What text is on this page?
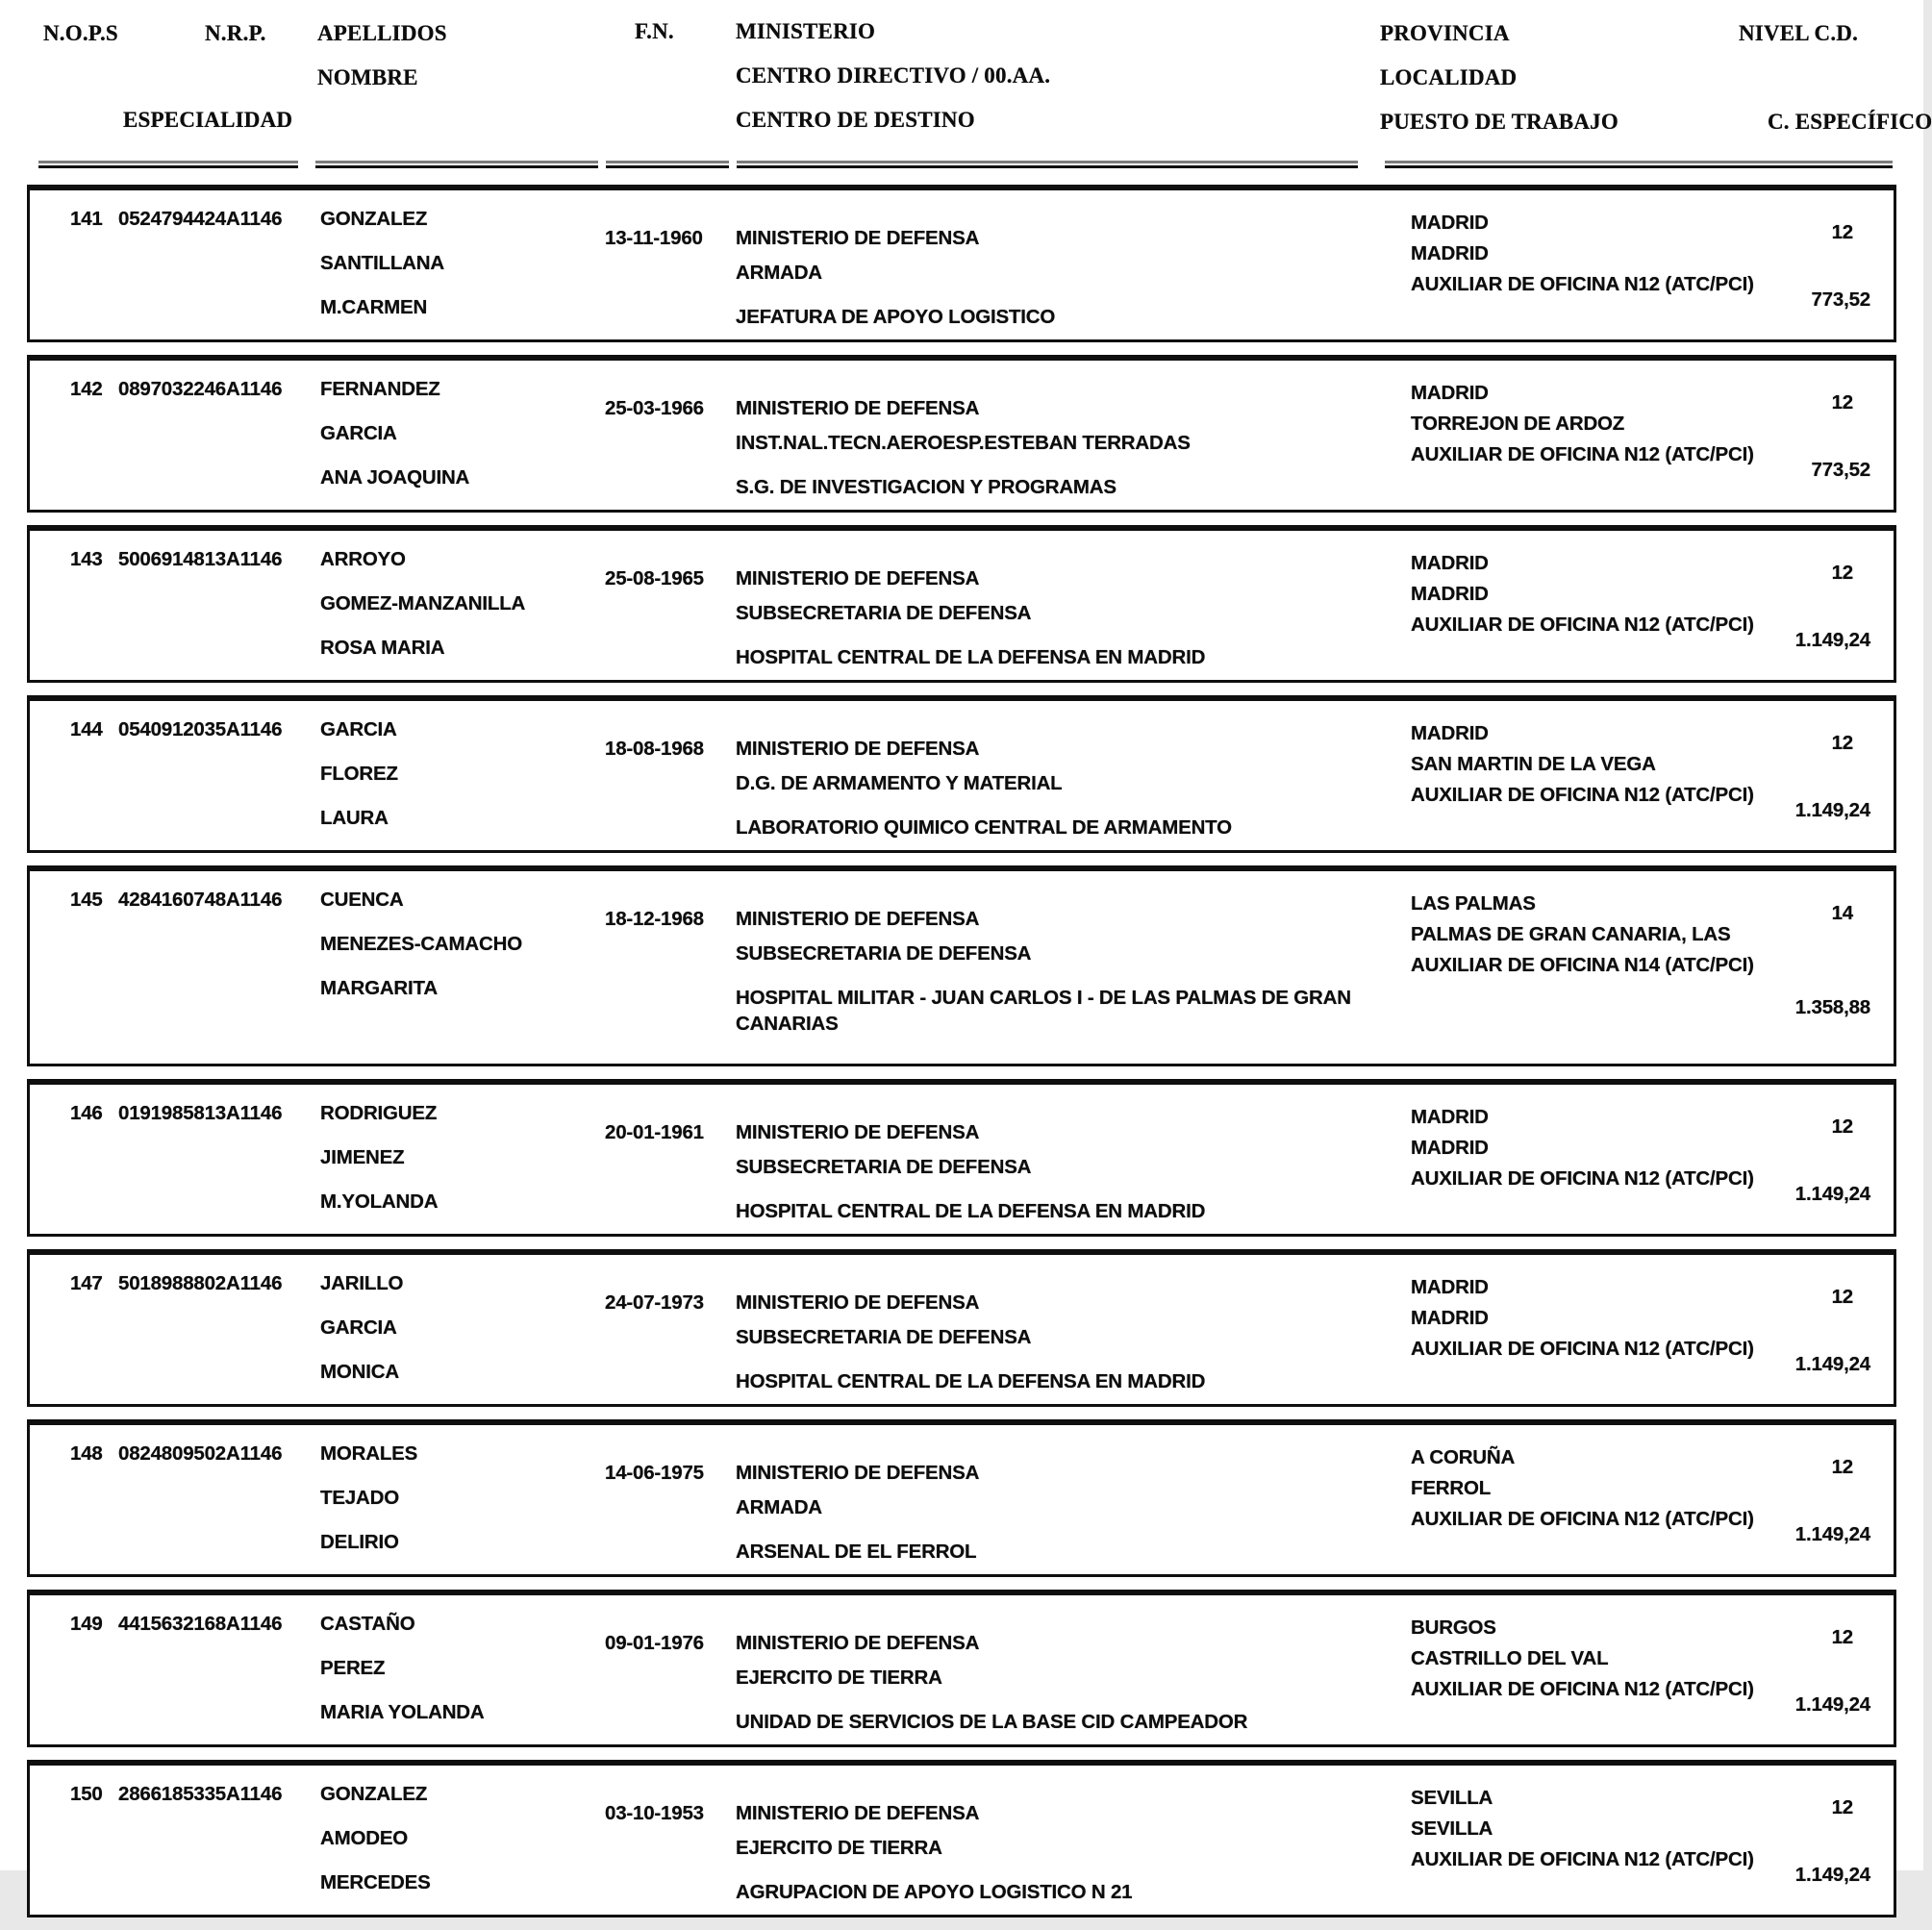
N.O.P.S	N.R.P. APELLIDOS
NOMBRE
ESPECIALIDAD
F.N.	MINISTERIO
CENTRO DIRECTIVO / 00.AA.
CENTRO DE DESTINO
PROVINCIA
LOCALIDAD
PUESTO DE TRABAJO
NIVEL C.D.
C. ESPECÍFICO
141 0524794424A1146 GONZALEZ
SANTILLANA
M.CARMEN
13-11-1960 MINISTERIO DE DEFENSA
ARMADA
JEFATURA DE APOYO LOGISTICO
MADRID
MADRID
AUXILIAR DE OFICINA N12 (ATC/PCI)
12
773,52
142 0897032246A1146 FERNANDEZ
GARCIA
ANA JOAQUINA
25-03-1966 MINISTERIO DE DEFENSA
INST.NAL.TECN.AEROESP.ESTEBAN TERRADAS
S.G. DE INVESTIGACION Y PROGRAMAS
MADRID
TORREJON DE ARDOZ
AUXILIAR DE OFICINA N12 (ATC/PCI)
12
773,52
143 5006914813A1146 ARROYO
GOMEZ-MANZANILLA
ROSA MARIA
25-08-1965 MINISTERIO DE DEFENSA
SUBSECRETARIA DE DEFENSA
HOSPITAL CENTRAL DE LA DEFENSA EN MADRID
MADRID
MADRID
AUXILIAR DE OFICINA N12 (ATC/PCI)
12
1.149,24
144 0540912035A1146 GARCIA
FLOREZ
LAURA
18-08-1968 MINISTERIO DE DEFENSA
D.G. DE ARMAMENTO Y MATERIAL
LABORATORIO QUIMICO CENTRAL DE ARMAMENTO
MADRID
SAN MARTIN DE LA VEGA
AUXILIAR DE OFICINA N12 (ATC/PCI)
12
1.149,24
145 4284160748A1146 CUENCA
MENEZES-CAMACHO
MARGARITA
18-12-1968 MINISTERIO DE DEFENSA
SUBSECRETARIA DE DEFENSA
HOSPITAL MILITAR - JUAN CARLOS I - DE LAS PALMAS DE GRAN CANARIAS
LAS PALMAS
PALMAS DE GRAN CANARIA, LAS
AUXILIAR DE OFICINA N14 (ATC/PCI)
14
1.358,88
146 0191985813A1146 RODRIGUEZ
JIMENEZ
M.YOLANDA
20-01-1961 MINISTERIO DE DEFENSA
SUBSECRETARIA DE DEFENSA
HOSPITAL CENTRAL DE LA DEFENSA EN MADRID
MADRID
MADRID
AUXILIAR DE OFICINA N12 (ATC/PCI)
12
1.149,24
147 5018988802A1146 JARILLO
GARCIA
MONICA
24-07-1973 MINISTERIO DE DEFENSA
SUBSECRETARIA DE DEFENSA
HOSPITAL CENTRAL DE LA DEFENSA EN MADRID
MADRID
MADRID
AUXILIAR DE OFICINA N12 (ATC/PCI)
12
1.149,24
148 0824809502A1146 MORALES
TEJADO
DELIRIO
14-06-1975 MINISTERIO DE DEFENSA
ARMADA
ARSENAL DE EL FERROL
A CORUÑA
FERROL
AUXILIAR DE OFICINA N12 (ATC/PCI)
12
1.149,24
149 4415632168A1146 CASTAÑO
PEREZ
MARIA YOLANDA
09-01-1976 MINISTERIO DE DEFENSA
EJERCITO DE TIERRA
UNIDAD DE SERVICIOS DE LA BASE CID CAMPEADOR
BURGOS
CASTRILLO DEL VAL
AUXILIAR DE OFICINA N12 (ATC/PCI)
12
1.149,24
150 2866185335A1146 GONZALEZ
AMODEO
MERCEDES
03-10-1953 MINISTERIO DE DEFENSA
EJERCITO DE TIERRA
AGRUPACION DE APOYO LOGISTICO N 21
SEVILLA
SEVILLA
AUXILIAR DE OFICINA N12 (ATC/PCI)
12
1.149,24
